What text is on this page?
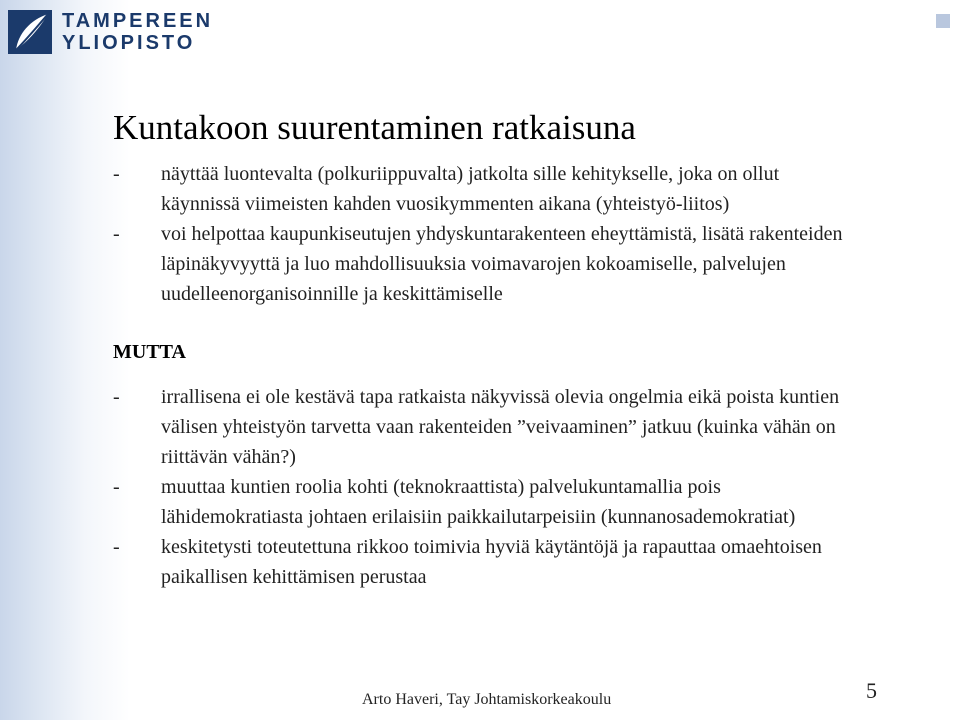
TAMPEREEN
YLIOPISTO
Kuntakoon suurentaminen ratkaisuna
- näyttää luontevalta (polkuriippuvalta) jatkolta sille kehitykselle, joka on ollut käynnissä viimeisten kahden vuosikymmenten aikana (yhteistyö-liitos)
- voi helpottaa kaupunkiseutujen yhdyskuntarakenteen eheyttämistä, lisätä rakenteiden läpinäkyvyyttä ja luo mahdollisuuksia voimavarojen kokoamiselle, palvelujen uudelleenorganisoinnille ja keskittämiselle
MUTTA
- irrallisena ei ole kestävä tapa ratkaista näkyvissä olevia ongelmia eikä poista kuntien välisen yhteistyön tarvetta vaan rakenteiden ”veivaaminen” jatkuu (kuinka vähän on riittävän vähän?)
- muuttaa kuntien roolia kohti (teknokraattista) palvelukuntamallia pois lähidemokratiasta johtaen erilaisiin paikkailutarpeisiin (kunnanosademokratiat)
- keskitetysti toteutettuna rikkoo toimivia hyviä käytäntöjä ja rapauttaa omaehtoisen paikallisen kehittämisen perustaa
Arto Haveri, Tay Johtamiskorkeakoulu	5
